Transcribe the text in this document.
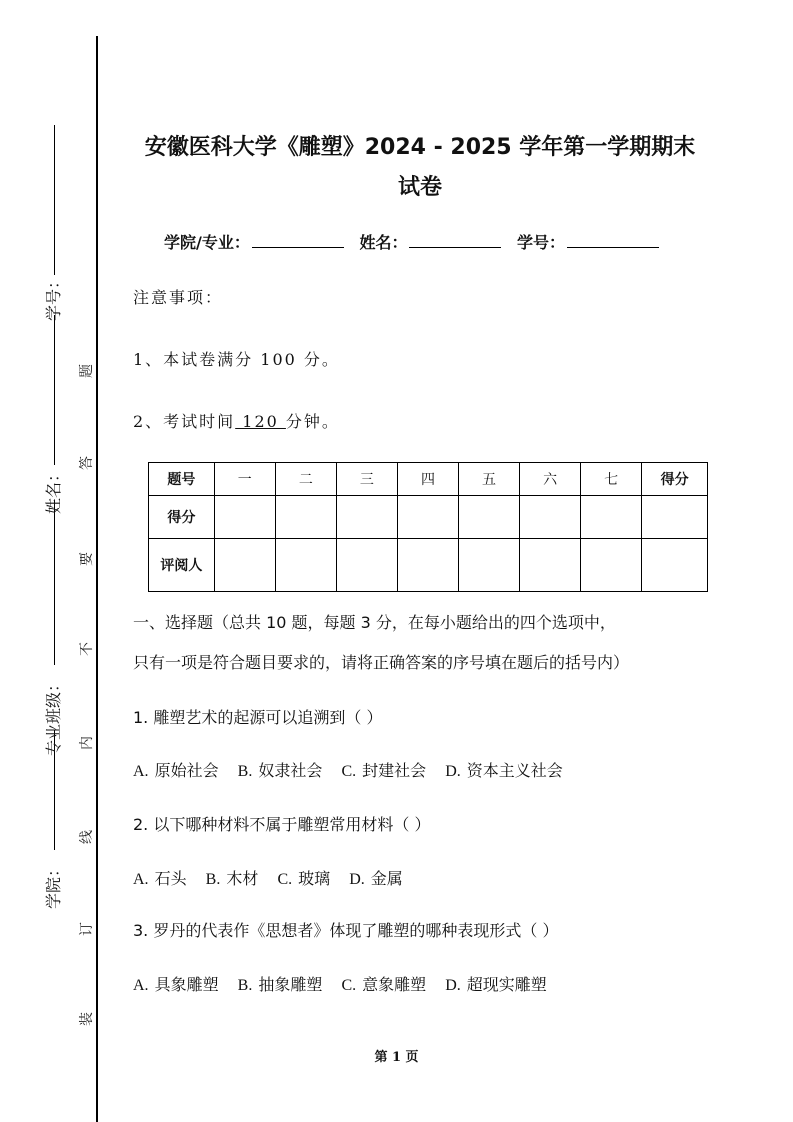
学号：
姓名：
专业班级：
学院：
题
答
要
不
内
线
订
装
安徽医科大学《雕塑》2024 - 2025 学年第一学期期末
试卷
学院/专业：	姓名：	学号：
注意事项：
1、本试卷满分 100 分。
2、考试时间 120 分钟。
题号	一	二	三	四	五	六	七	得分
得分								
评阅人								
一、选择题（总共 10 题，每题 3 分，在每小题给出的四个选项中，
只有一项是符合题目要求的，请将正确答案的序号填在题后的括号内）
1. 雕塑艺术的起源可以追溯到（ ）
A. 原始社会 B. 奴隶社会 C. 封建社会 D. 资本主义社会
2. 以下哪种材料不属于雕塑常用材料（ ）
A. 石头 B. 木材 C. 玻璃 D. 金属
3. 罗丹的代表作《思想者》体现了雕塑的哪种表现形式（ ）
A. 具象雕塑 B. 抽象雕塑 C. 意象雕塑 D. 超现实雕塑
第 1 页
